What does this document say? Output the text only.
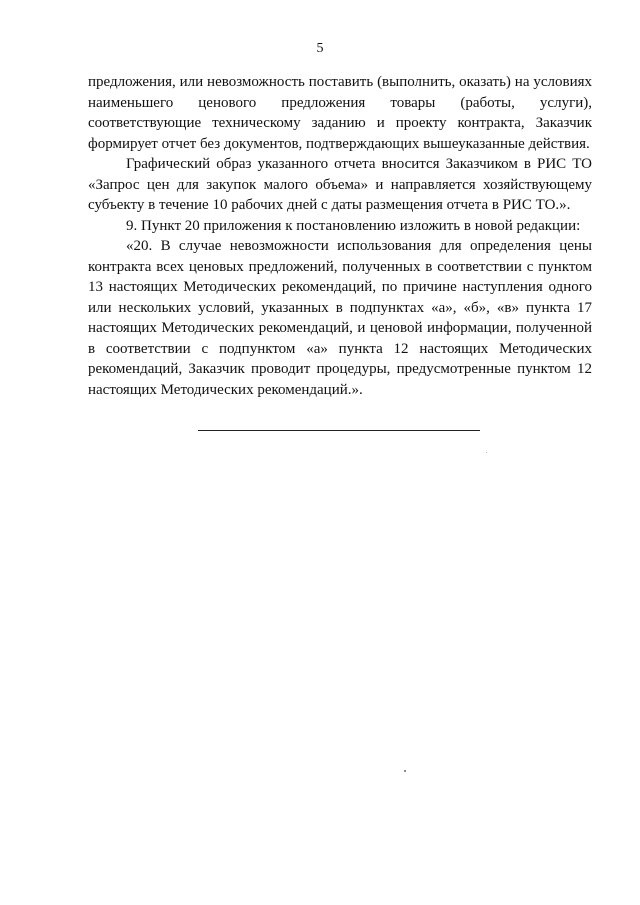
5

предложения, или невозможность поставить (выполнить, оказать) на условиях наименьшего ценового предложения товары (работы, услуги), соответствующие техническому заданию и проекту контракта, Заказчик формирует отчет без документов, подтверждающих вышеуказанные действия.

Графический образ указанного отчета вносится Заказчиком в РИС ТО «Запрос цен для закупок малого объема» и направляется хозяйствующему субъекту в течение 10 рабочих дней с даты размещения отчета в РИС ТО.».

9. Пункт 20 приложения к постановлению изложить в новой редакции:

«20. В случае невозможности использования для определения цены контракта всех ценовых предложений, полученных в соответствии с пунктом 13 настоящих Методических рекомендаций, по причине наступления одного или нескольких условий, указанных в подпунктах «а», «б», «в» пункта 17 настоящих Методических рекомендаций, и ценовой информации, полученной в соответствии с подпунктом «а» пункта 12 настоящих Методических рекомендаций, Заказчик проводит процедуры, предусмотренные пунктом 12 настоящих Методических рекомендаций.».
